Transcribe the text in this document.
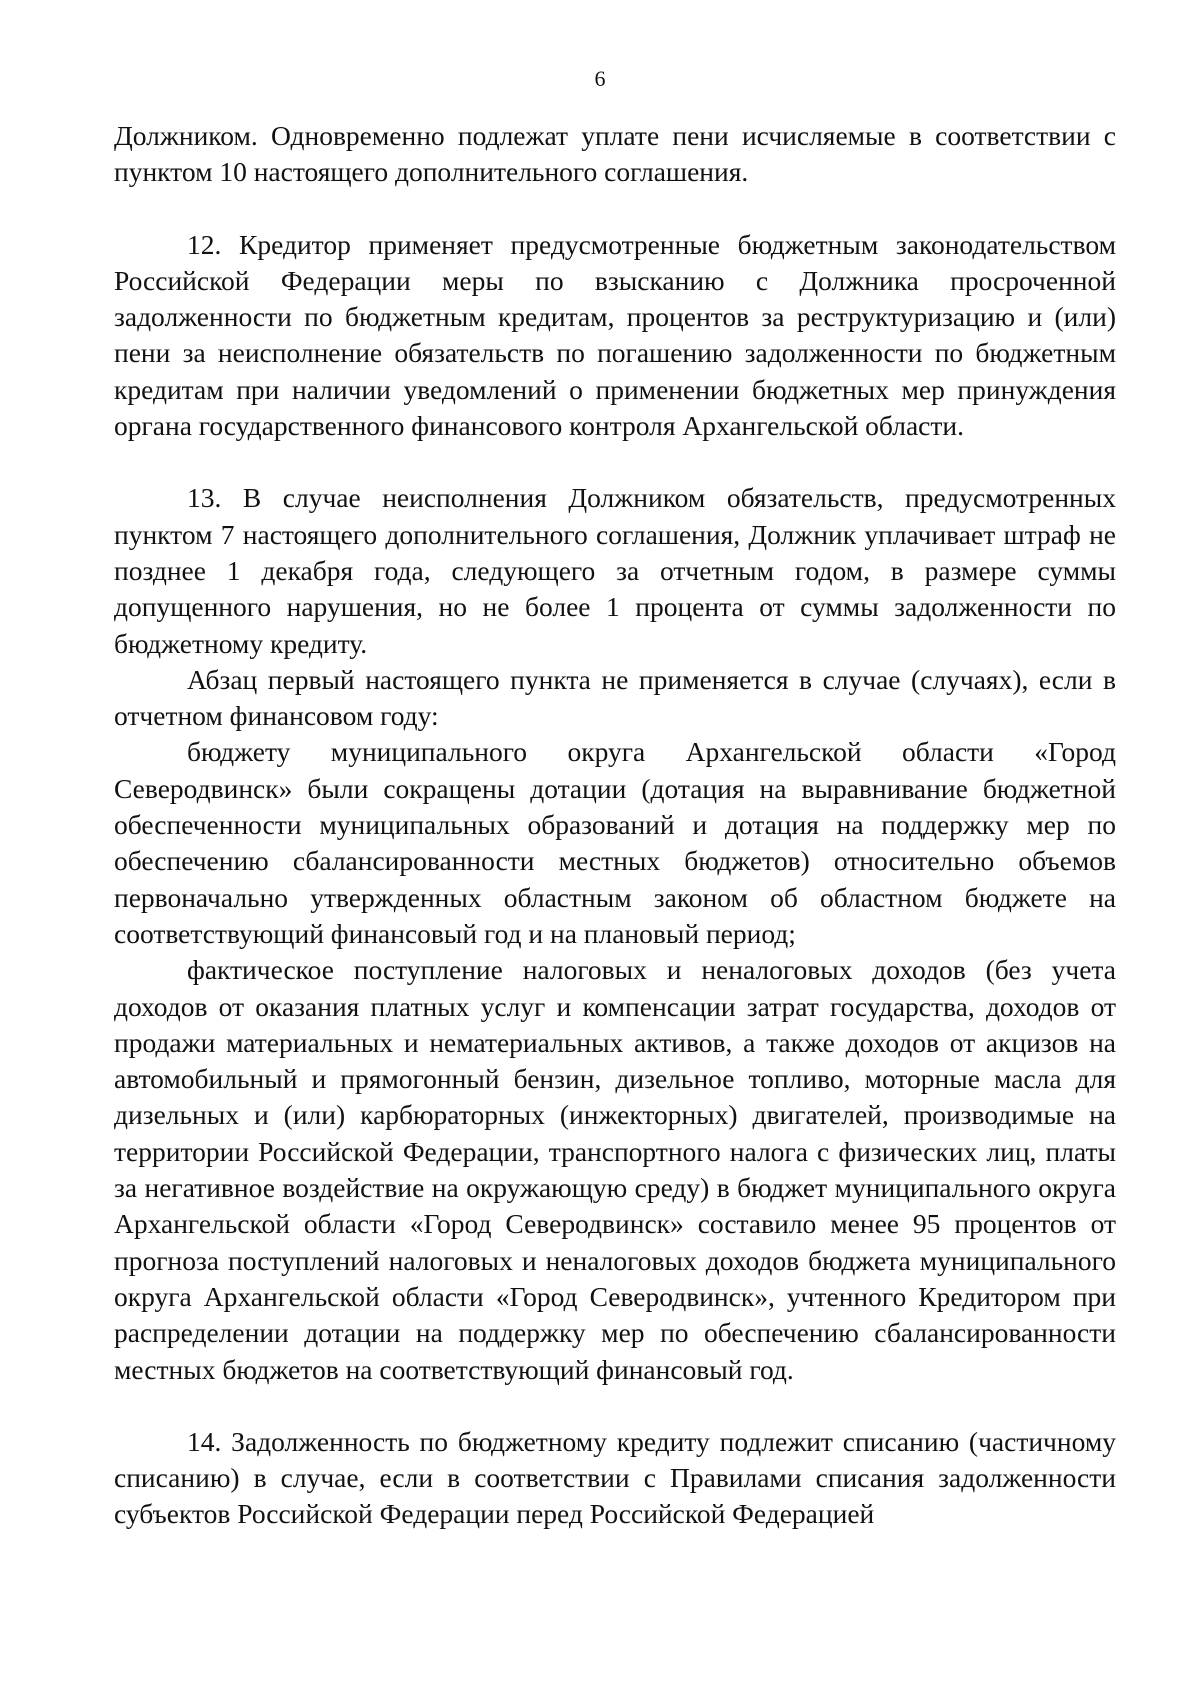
6

Должником. Одновременно подлежат уплате пени исчисляемые в соответствии с пунктом 10 настоящего дополнительного соглашения.

12. Кредитор применяет предусмотренные бюджетным законодательством Российской Федерации меры по взысканию с Должника просроченной задолженности по бюджетным кредитам, процентов за реструктуризацию и (или) пени за неисполнение обязательств по погашению задолженности по бюджетным кредитам при наличии уведомлений о применении бюджетных мер принуждения органа государственного финансового контроля Архангельской области.

13. В случае неисполнения Должником обязательств, предусмотренных пунктом 7 настоящего дополнительного соглашения, Должник уплачивает штраф не позднее 1 декабря года, следующего за отчетным годом, в размере суммы допущенного нарушения, но не более 1 процента от суммы задолженности по бюджетному кредиту.

Абзац первый настоящего пункта не применяется в случае (случаях), если в отчетном финансовом году:

бюджету муниципального округа Архангельской области «Город Северодвинск» были сокращены дотации (дотация на выравнивание бюджетной обеспеченности муниципальных образований и дотация на поддержку мер по обеспечению сбалансированности местных бюджетов) относительно объемов первоначально утвержденных областным законом об областном бюджете на соответствующий финансовый год и на плановый период;

фактическое поступление налоговых и неналоговых доходов (без учета доходов от оказания платных услуг и компенсации затрат государства, доходов от продажи материальных и нематериальных активов, а также доходов от акцизов на автомобильный и прямогонный бензин, дизельное топливо, моторные масла для дизельных и (или) карбюраторных (инжекторных) двигателей, производимые на территории Российской Федерации, транспортного налога с физических лиц, платы за негативное воздействие на окружающую среду) в бюджет муниципального округа Архангельской области «Город Северодвинск» составило менее 95 процентов от прогноза поступлений налоговых и неналоговых доходов бюджета муниципального округа Архангельской области «Город Северодвинск», учтенного Кредитором при распределении дотации на поддержку мер по обеспечению сбалансированности местных бюджетов на соответствующий финансовый год.

14. Задолженность по бюджетному кредиту подлежит списанию (частичному списанию) в случае, если в соответствии с Правилами списания задолженности субъектов Российской Федерации перед Российской Федерацией
